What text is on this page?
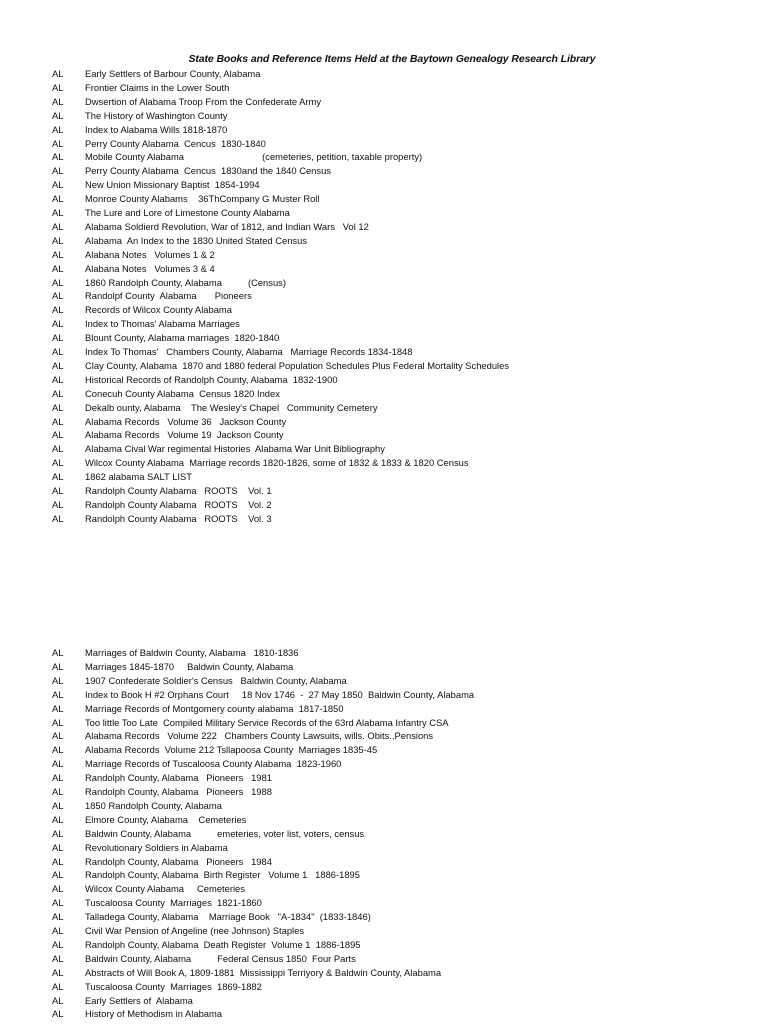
State Books and Reference Items Held at the Baytown Genealogy Research Library
AL Early Settlers of Barbour County, Alabama
AL Frontier Claims in the Lower South
AL Dwsertion of Alabama Troop From the Confederate Army
AL The History of Washington County
AL Index to Alabama Wills 1818-1870
AL Perry County Alabama  Cencus  1830-1840
AL Mobile County Alabama                              (cemeteries, petition, taxable property)
AL Perry County Alabama  Cencus  1830and the 1840 Census
AL New Union Missionary Baptist  1854-1994
AL Monroe County Alabams    36ThCompany G Muster Roll
AL The Lure and Lore of Limestone County Alabama
AL Alabama Soldierd Revolution, War of 1812, and Indian Wars   Vol 12
AL Alabama  An Index to the 1830 United Stated Census
AL Alabana Notes   Volumes 1 & 2
AL Alabana Notes   Volumes 3 & 4
AL 1860 Randolph County, Alabama          (Census)
AL Randolpf County  Alabama       Pioneers
AL Records of Wilcox County Alabama
AL Index to Thomas' Alabama Marriages
AL Blount County, Alabama marriages  1820-1840
AL Index To Thomas'   Chambers County, Alabama   Marriage Records 1834-1848
AL Clay County, Alabama  1870 and 1880 federal Population Schedules Plus Federal Mortality Schedules
AL Historical Records of Randolph County, Alabama  1832-1900
AL Conecuh County Alabama  Census 1820 Index
AL Dekalb ounty, Alabama    The Wesley's Chapel   Community Cemetery
AL Alabama Records   Volume 36   Jackson County
AL Alabama Records   Volume 19  Jackson County
AL Alabama Cival War regimental Histories  Alabama War Unit Bibliography
AL Wilcox County Alabama  Marriage records 1820-1826, some of 1832 & 1833 & 1820 Census
AL 1862 alabama SALT LIST
AL Randolph County Alabama   ROOTS    Vol. 1
AL Randolph County Alabama   ROOTS    Vol. 2
AL Randolph County Alabama   ROOTS    Vol. 3
AL Marriages of Baldwin County, Alabama   1810-1836
AL Marriages 1845-1870     Baldwin County, Alabama
AL 1907 Confederate Soldier's Census   Baldwin County, Alabama
AL Index to Book H #2 Orphans Court     18 Nov 1746  -  27 May 1850  Baldwin County, Alabama
AL Marriage Records of Montgomery county alabama  1817-1850
AL Too little Too Late  Compiled Military Service Records of the 63rd Alabama Infantry CSA
AL Alabama Records   Volume 222   Chambers County Lawsuits, wills. Obits.,Pensions
AL Alabama Records  Volume 212 Tsllapoosa County  Marriages 1835-45
AL Marriage Records of Tuscaloosa County Alabama  1823-1960
AL Randolph County, Alabama   Pioneers   1981
AL Randolph County, Alabama   Pioneers   1988
AL 1850 Randolph County, Alabama
AL Elmore County, Alabama    Cemeteries
AL Baldwin County, Alabama          emeteries, voter list, voters, census
AL Revolutionary Soldiers in Alabama
AL Randolph County, Alabama   Pioneers   1984
AL Randolph County, Alabama  Birth Register   Volume 1   1886-1895
AL Wilcox County Alabama     Cemeteries
AL Tuscaloosa County  Marriages  1821-1860
AL Talladega County, Alabama    Marriage Book   "A-1834"  (1833-1846)
AL Civil War Pension of Angeline (nee Johnson) Staples
AL Randolph County, Alabama  Death Register  Volume 1  1886-1895
AL Baldwin County, Alabama          Federal Census 1850  Four Parts
AL Abstracts of Will Book A, 1809-1881  Mississippi Terriyory & Baldwin County, Alabama
AL Tuscaloosa County  Marriages  1869-1882
AL Early Settlers of  Alabama
AL History of Methodism in Alabama
